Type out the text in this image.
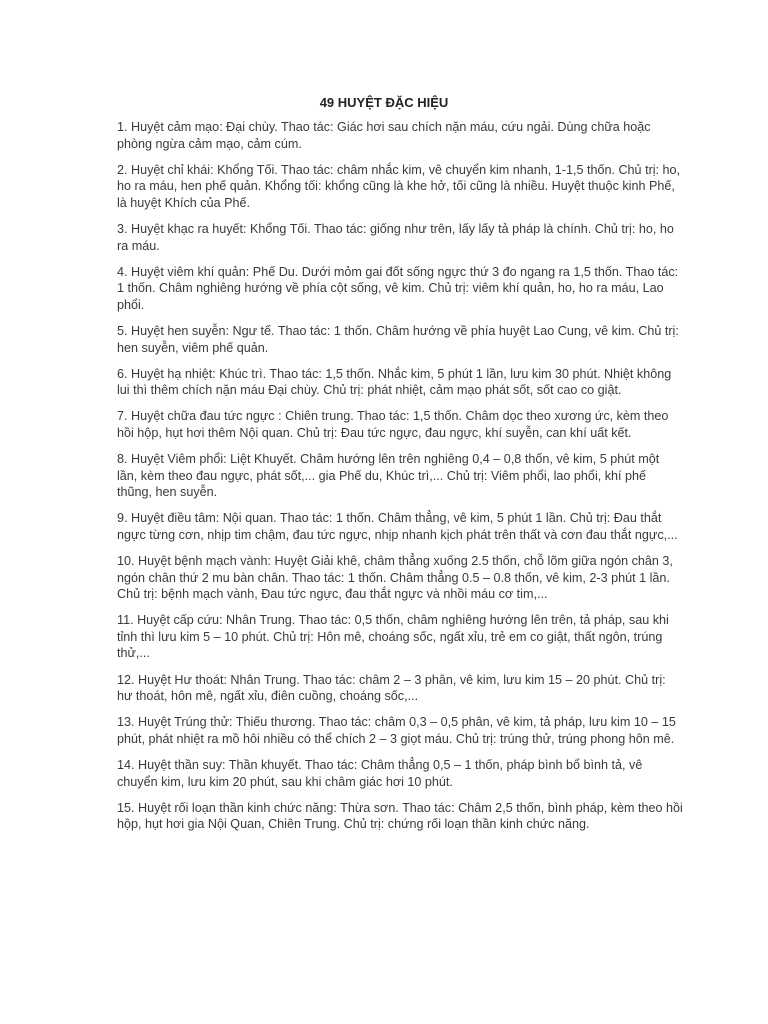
49 HUYỆT ĐẶC HIỆU
1. Huyệt cảm mạo: Đại chùy. Thao tác: Giác hơi sau chích nặn máu, cứu ngải. Dùng chữa hoặc phòng ngừa cảm mạo, cảm cúm.
2. Huyệt chỉ khái: Khổng Tối. Thao tác: châm nhắc kim, vê chuyển kim nhanh, 1-1,5 thốn. Chủ trị: ho, ho ra máu, hen phế quản. Khổng tối: khổng cũng là khe hở, tối cũng là nhiều. Huyệt thuộc kinh Phế, là huyệt Khích của Phế.
3. Huyệt khạc ra huyết: Khổng Tối. Thao tác: giống như trên, lấy lấy tả pháp là chính. Chủ trị: ho, ho ra máu.
4. Huyệt viêm khí quản: Phế Du. Dưới mỏm gai đốt sống ngực thứ 3 đo ngang ra 1,5 thốn. Thao tác: 1 thốn. Châm nghiêng hướng về phía cột sống, vê kim. Chủ trị: viêm khí quản, ho, ho ra máu, Lao phổi.
5. Huyệt hen suyễn: Ngư tế. Thao tác: 1 thốn. Châm hướng về phía huyệt Lao Cung, vê kim. Chủ trị: hen suyễn, viêm phế quản.
6. Huyệt hạ nhiệt: Khúc trì. Thao tác: 1,5 thốn. Nhắc kim, 5 phút 1 lần, lưu kim 30 phút. Nhiệt không lui thì thêm chích nặn máu Đại chùy. Chủ trị: phát nhiệt, cảm mạo phát sốt, sốt cao co giật.
7. Huyệt chữa đau tức ngực : Chiên trung. Thao tác: 1,5 thốn. Châm dọc theo xương ức, kèm theo hồi hộp, hụt hơi thêm Nội quan. Chủ trị: Đau tức ngực, đau ngực, khí suyễn, can khí uất kết.
8. Huyệt Viêm phổi: Liệt Khuyết. Châm hướng lên trên nghiêng 0,4 – 0,8 thốn, vê kim, 5 phút một lần, kèm theo đau ngực, phát sốt,... gia Phế du, Khúc trì,... Chủ trị: Viêm phổi, lao phổi, khí phế thũng, hen suyễn.
9. Huyệt điều tâm: Nội quan. Thao tác: 1 thốn. Châm thẳng, vê kim, 5 phút 1 lần. Chủ trị: Đau thắt ngực từng cơn, nhịp tim chậm, đau tức ngực, nhịp nhanh kịch phát trên thất và cơn đau thắt ngực,...
10. Huyệt bệnh mạch vành: Huyệt Giải khê, châm thẳng xuống 2.5 thốn, chỗ lõm giữa ngón chân 3, ngón chân thứ 2 mu bàn chân. Thao tác: 1 thốn. Châm thẳng 0.5 – 0.8 thốn, vê kim, 2-3 phút 1 lần. Chủ trị: bệnh mạch vành, Đau tức ngực, đau thắt ngực và nhồi máu cơ tim,...
11. Huyệt cấp cứu: Nhân Trung. Thao tác: 0,5 thốn, châm nghiêng hướng lên trên, tả pháp, sau khi tỉnh thì lưu kim 5 – 10 phút. Chủ trị: Hôn mê, choáng sốc, ngất xỉu, trẻ em co giật, thất ngôn, trúng thử,...
12. Huyệt Hư thoát: Nhân Trung. Thao tác: châm 2 – 3 phân, vê kim, lưu kim 15 – 20 phút. Chủ trị: hư thoát, hôn mê, ngất xỉu, điên cuồng, choáng sốc,...
13. Huyệt Trúng thử: Thiếu thương. Thao tác: châm 0,3 – 0,5 phân, vê kim, tả pháp, lưu kim 10 – 15 phút, phát nhiệt ra mồ hôi nhiều có thể chích 2 – 3 giọt máu. Chủ trị: trúng thử, trúng phong hôn mê.
14. Huyệt thần suy: Thần khuyết. Thao tác: Châm thẳng 0,5 – 1 thốn, pháp bình bổ bình tả, vê chuyển kim, lưu kim 20 phút, sau khi châm giác hơi 10 phút.
15. Huyệt rối loạn thần kinh chức năng: Thừa sơn. Thao tác: Châm 2,5 thốn, bình pháp, kèm theo hồi hộp, hụt hơi gia Nội Quan, Chiên Trung. Chủ trị: chứng rối loạn thần kinh chức năng.
